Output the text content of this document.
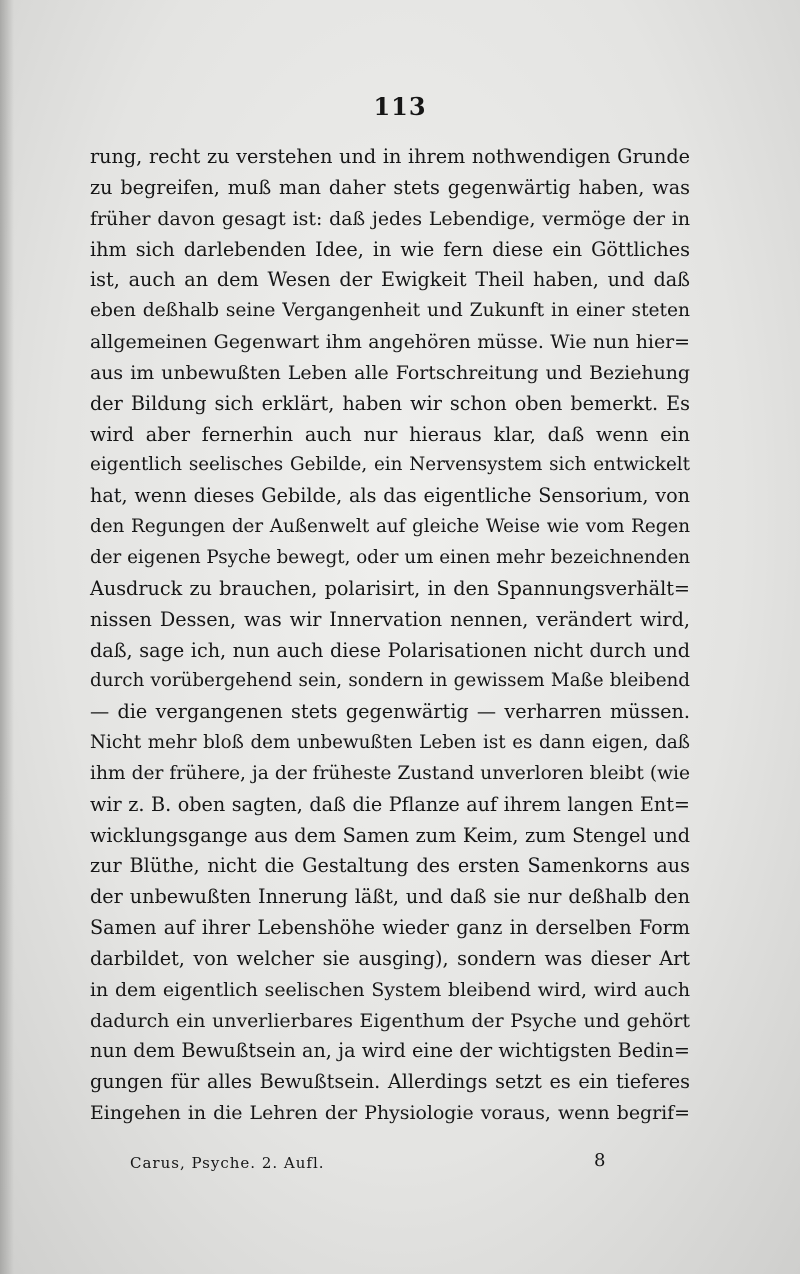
113
rung, recht zu verstehen und in ihrem nothwendigen Grunde
zu begreifen, muß man daher stets gegenwärtig haben, was
früher davon gesagt ist: daß jedes Lebendige, vermöge der in
ihm sich darlebenden Idee, in wie fern diese ein Göttliches
ist, auch an dem Wesen der Ewigkeit Theil haben, und daß
eben deßhalb seine Vergangenheit und Zukunft in einer steten
allgemeinen Gegenwart ihm angehören müsse. Wie nun hier=
aus im unbewußten Leben alle Fortschreitung und Beziehung
der Bildung sich erklärt, haben wir schon oben bemerkt. Es
wird aber fernerhin auch nur hieraus klar, daß wenn ein
eigentlich seelisches Gebilde, ein Nervensystem sich entwickelt
hat, wenn dieses Gebilde, als das eigentliche Sensorium, von
den Regungen der Außenwelt auf gleiche Weise wie vom Regen
der eigenen Psyche bewegt, oder um einen mehr bezeichnenden
Ausdruck zu brauchen, polarisirt, in den Spannungsverhält=
nissen Dessen, was wir Innervation nennen, verändert wird,
daß, sage ich, nun auch diese Polarisationen nicht durch und
durch vorübergehend sein, sondern in gewissem Maße bleibend
— die vergangenen stets gegenwärtig — verharren müssen.
Nicht mehr bloß dem unbewußten Leben ist es dann eigen, daß
ihm der frühere, ja der früheste Zustand unverloren bleibt (wie
wir z. B. oben sagten, daß die Pflanze auf ihrem langen Ent=
wicklungsgange aus dem Samen zum Keim, zum Stengel und
zur Blüthe, nicht die Gestaltung des ersten Samenkorns aus
der unbewußten Innerung läßt, und daß sie nur deßhalb den
Samen auf ihrer Lebenshöhe wieder ganz in derselben Form
darbildet, von welcher sie ausging), sondern was dieser Art
in dem eigentlich seelischen System bleibend wird, wird auch
dadurch ein unverlierbares Eigenthum der Psyche und gehört
nun dem Bewußtsein an, ja wird eine der wichtigsten Bedin=
gungen für alles Bewußtsein. Allerdings setzt es ein tieferes
Eingehen in die Lehren der Physiologie voraus, wenn begrif=
Carus, Psyche. 2. Aufl.	8
